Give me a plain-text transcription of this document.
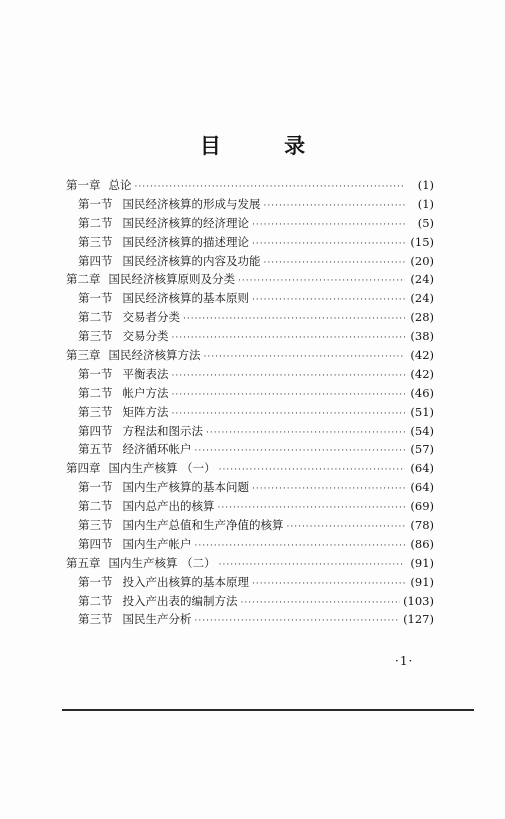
目 录
第一章 总论 ·····	(1)
第一节 国民经济核算的形成与发展 ·····	(1)
第二节 国民经济核算的经济理论 ·····	(5)
第三节 国民经济核算的描述理论 ·····	(15)
第四节 国民经济核算的内容及功能 ·····	(20)
第二章 国民经济核算原则及分类 ·····	(24)
第一节 国民经济核算的基本原则 ·····	(24)
第二节 交易者分类 ·····	(28)
第三节 交易分类 ·····	(38)
第三章 国民经济核算方法 ·····	(42)
第一节 平衡表法 ·····	(42)
第二节 帐户方法 ·····	(46)
第三节 矩阵方法 ·····	(51)
第四节 方程法和图示法 ·····	(54)
第五节 经济循环帐户 ·····	(57)
第四章 国内生产核算 （一） ·····	(64)
第一节 国内生产核算的基本问题 ·····	(64)
第二节 国内总产出的核算 ·····	(69)
第三节 国内生产总值和生产净值的核算 ·····	(78)
第四节 国内生产帐户 ·····	(86)
第五章 国内生产核算 （二） ·····	(91)
第一节 投入产出核算的基本原理 ·····	(91)
第二节 投入产出表的编制方法 ·····	(103)
第三节 国民生产分析 ·····	(127)
·1·
